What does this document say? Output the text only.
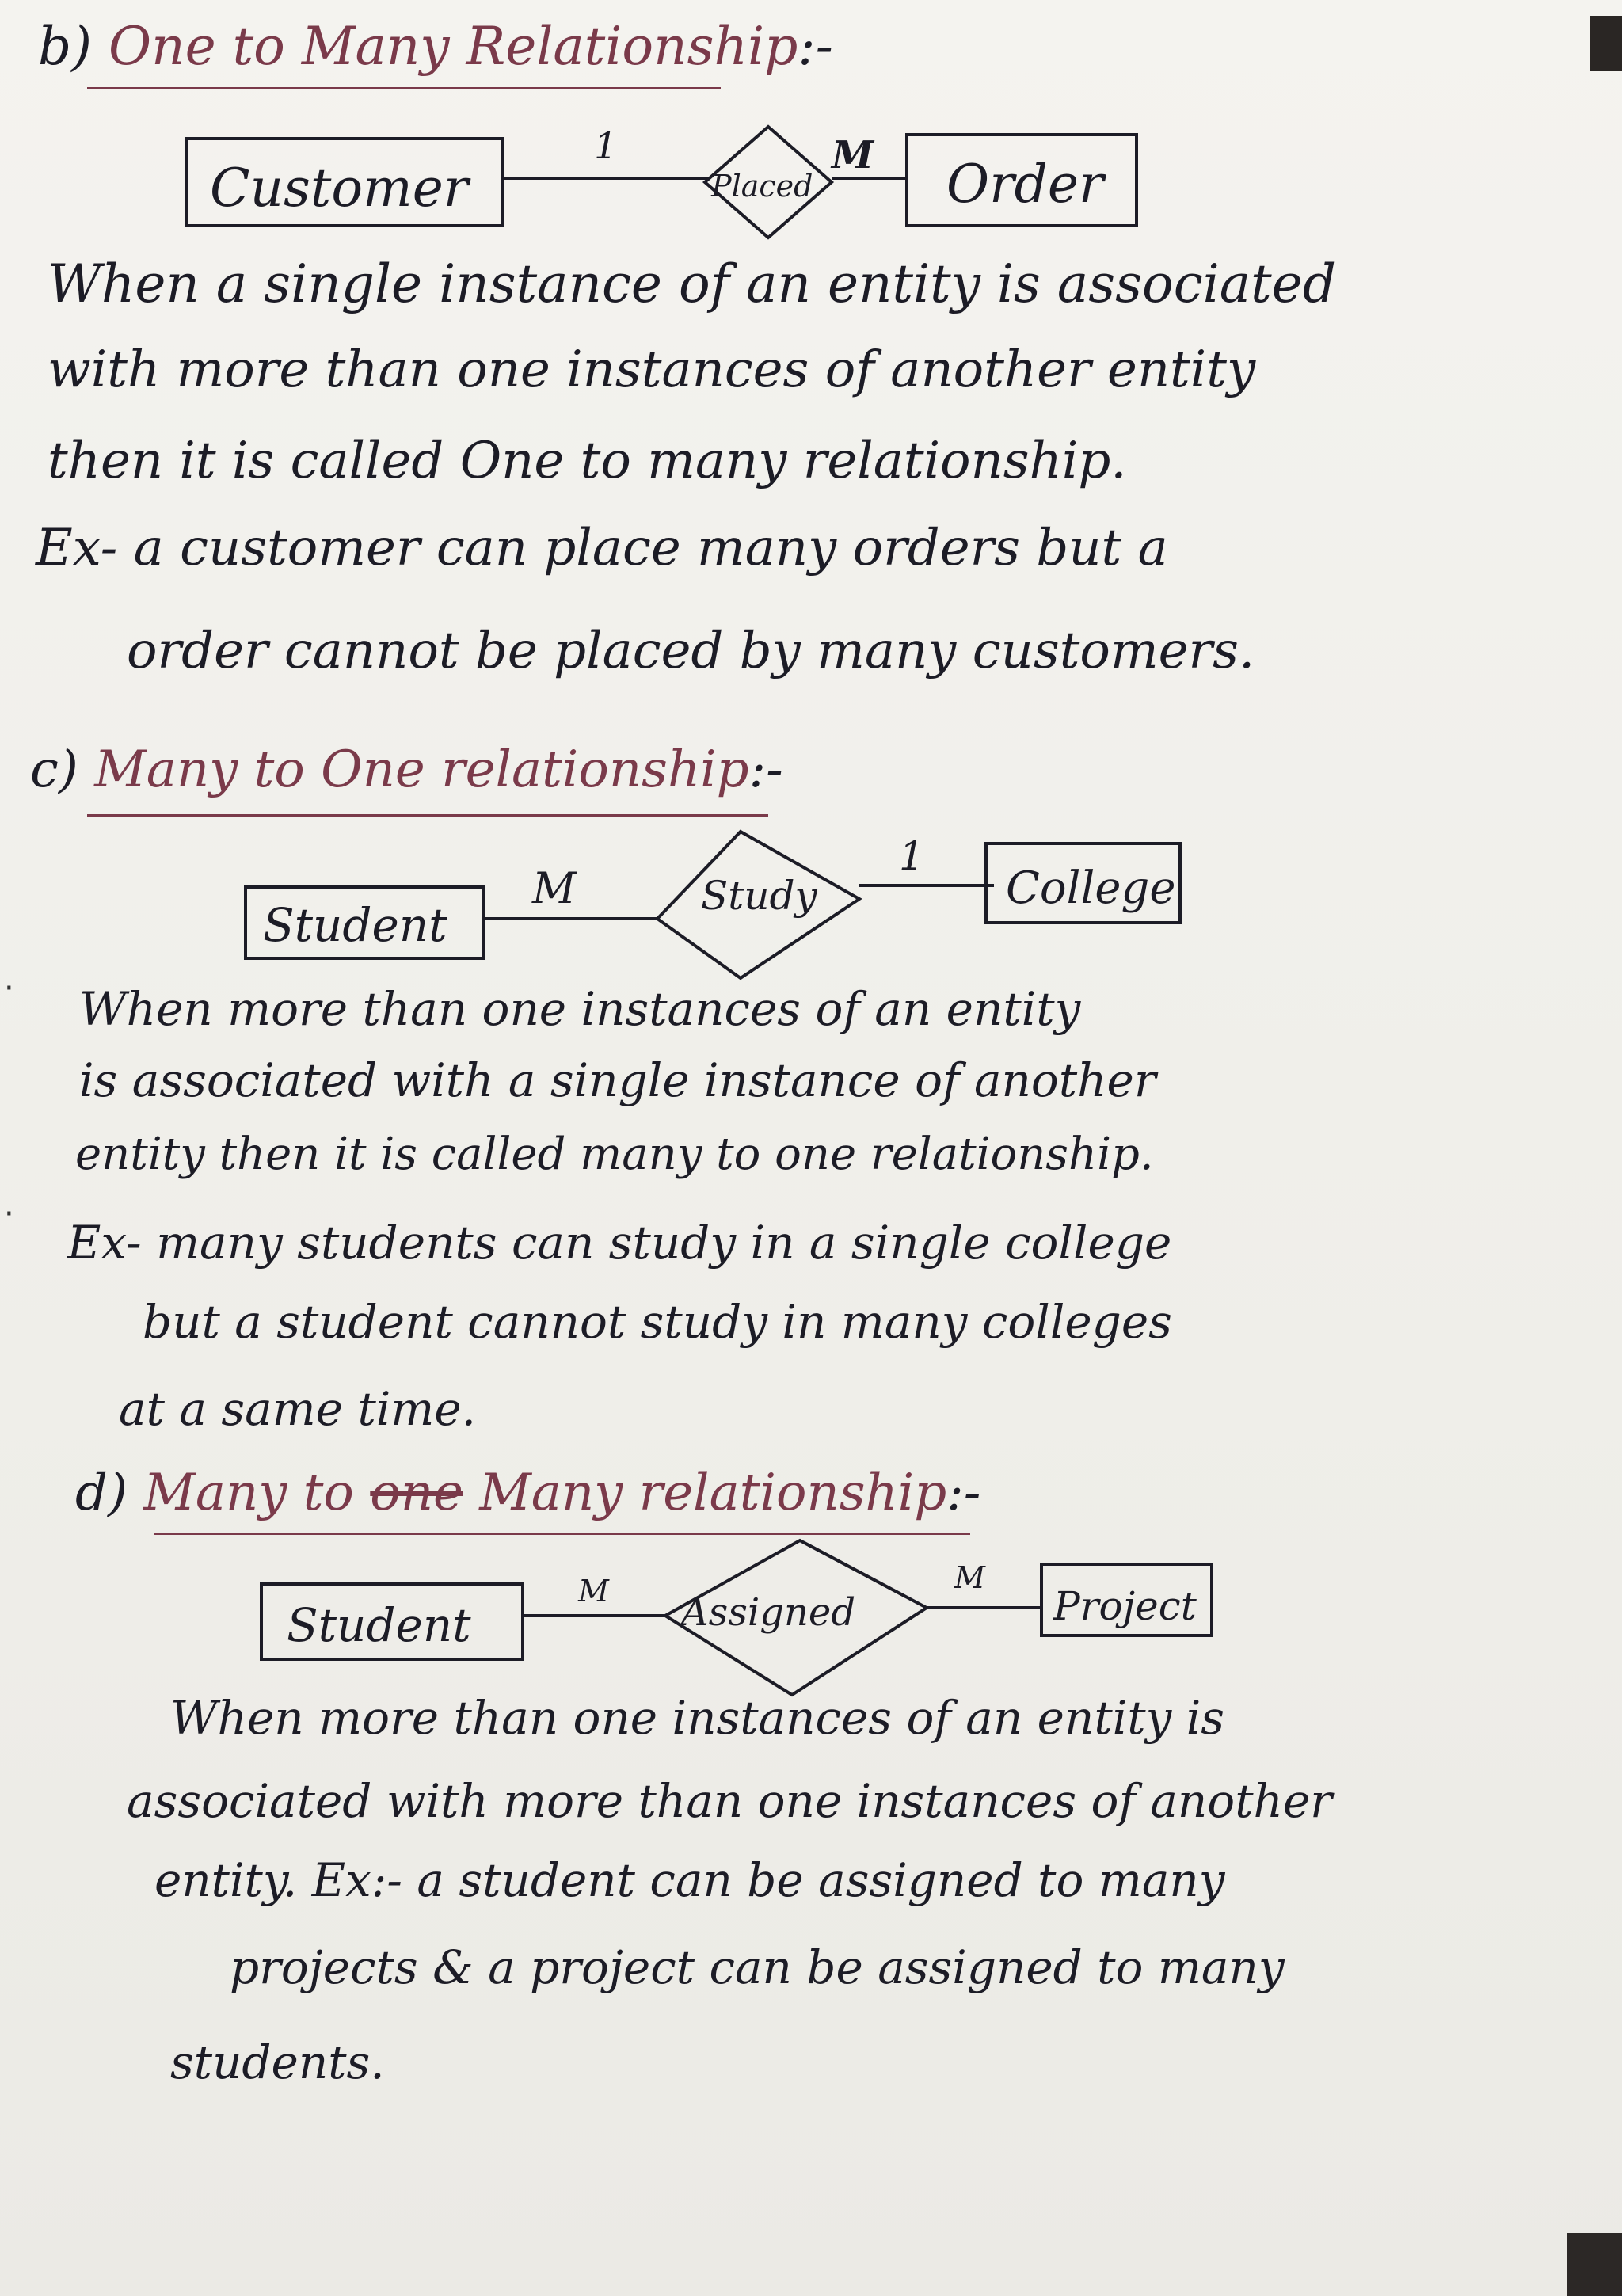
b) One to Many Relationship:-
Customer
1
Placed
M Order
Student
M	Study
1
College
Student
M Assigned
M
Project
When a single instance of an entity is associated
with more than one instances of another entity
then it is called One to many relationship.
Ex- a customer can place many orders but a
order cannot be placed by many customers.
c) Many to One relationship:-
·
·
When more than one instances of an entity
is associated with a single instance of another
entity then it is called many to one relationship.
Ex- many students can study in a single college
but a student cannot study in many colleges
at a same time.
d) Many to one Many relationship:-
When more than one instances of an entity is
associated with more than one instances of another
entity. Ex:- a student can be assigned to many
projects & a project can be assigned to many
students.
